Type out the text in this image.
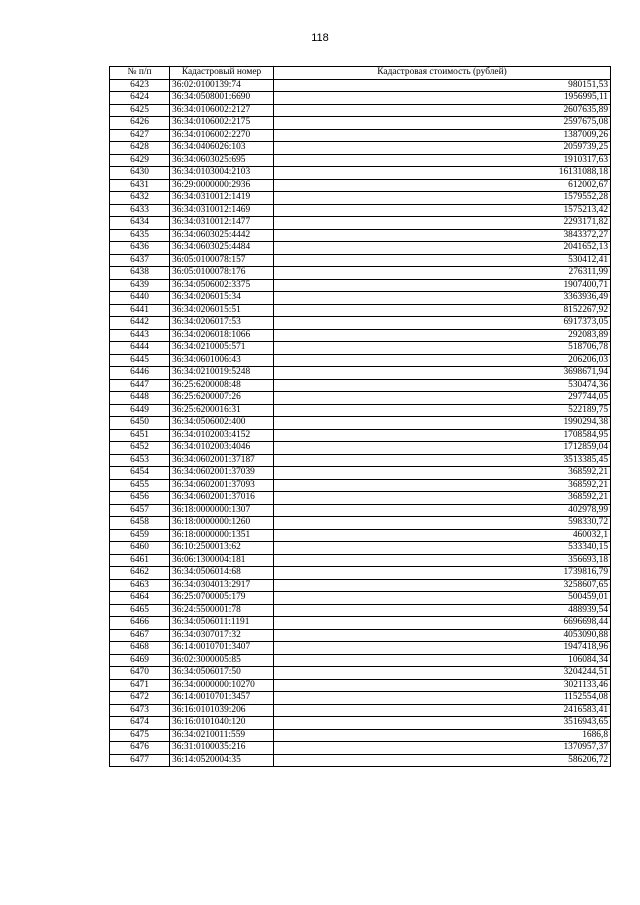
118
№ п/п	Кадастровый номер	Кадастровая стоимость (рублей)
6423	36:02:0100139:74	980151,53
6424	36:34:0508001:6690	1956995,11
6425	36:34:0106002:2127	2607635,89
6426	36:34:0106002:2175	2597675,08
6427	36:34:0106002:2270	1387009,26
6428	36:34:0406026:103	2059739,25
6429	36:34:0603025:695	1910317,63
6430	36:34:0103004:2103	16131088,18
6431	36:29:0000000:2936	612002,67
6432	36:34:0310012:1419	1579552,28
6433	36:34:0310012:1469	1575213,42
6434	36:34:0310012:1477	2293171,82
6435	36:34:0603025:4442	3843372,27
6436	36:34:0603025:4484	2041652,13
6437	36:05:0100078:157	530412,41
6438	36:05:0100078:176	276311,99
6439	36:34:0506002:3375	1907400,71
6440	36:34:0206015:34	3363936,49
6441	36:34:0206015:51	8152267,92
6442	36:34:0206017:53	6917373,05
6443	36:34:0206018:1066	292083,89
6444	36:34:0210005:571	518706,78
6445	36:34:0601006:43	206206,03
6446	36:34:0210019:5248	3698671,94
6447	36:25:6200008:48	530474,36
6448	36:25:6200007:26	297744,05
6449	36:25:6200016:31	522189,75
6450	36:34:0506002:400	1990294,38
6451	36:34:0102003:4152	1708584,95
6452	36:34:0102003:4046	1712859,04
6453	36:34:0602001:37187	3513385,45
6454	36:34:0602001:37039	368592,21
6455	36:34:0602001:37093	368592,21
6456	36:34:0602001:37016	368592,21
6457	36:18:0000000:1307	402978,99
6458	36:18:0000000:1260	598330,72
6459	36:18:0000000:1351	460032,1
6460	36:10:2500013:62	533340,15
6461	36:06:1300004:181	356693,18
6462	36:34:0506014:68	1739816,79
6463	36:34:0304013:2917	3258607,65
6464	36:25:0700005:179	500459,01
6465	36:24:5500001:78	488939,54
6466	36:34:0506011:1191	6696698,44
6467	36:34:0307017:32	4053090,88
6468	36:14:0010701:3407	1947418,96
6469	36:02:3000005:85	106084,34
6470	36:34:0506017:50	3204244,51
6471	36:34:0000000:10270	3021133,46
6472	36:14:0010701:3457	1152554,08
6473	36:16:0101039:206	2416583,41
6474	36:16:0101040:120	3516943,65
6475	36:34:0210011:559	1686,8
6476	36:31:0100035:216	1370957,37
6477	36:14:0520004:35	586206,72
